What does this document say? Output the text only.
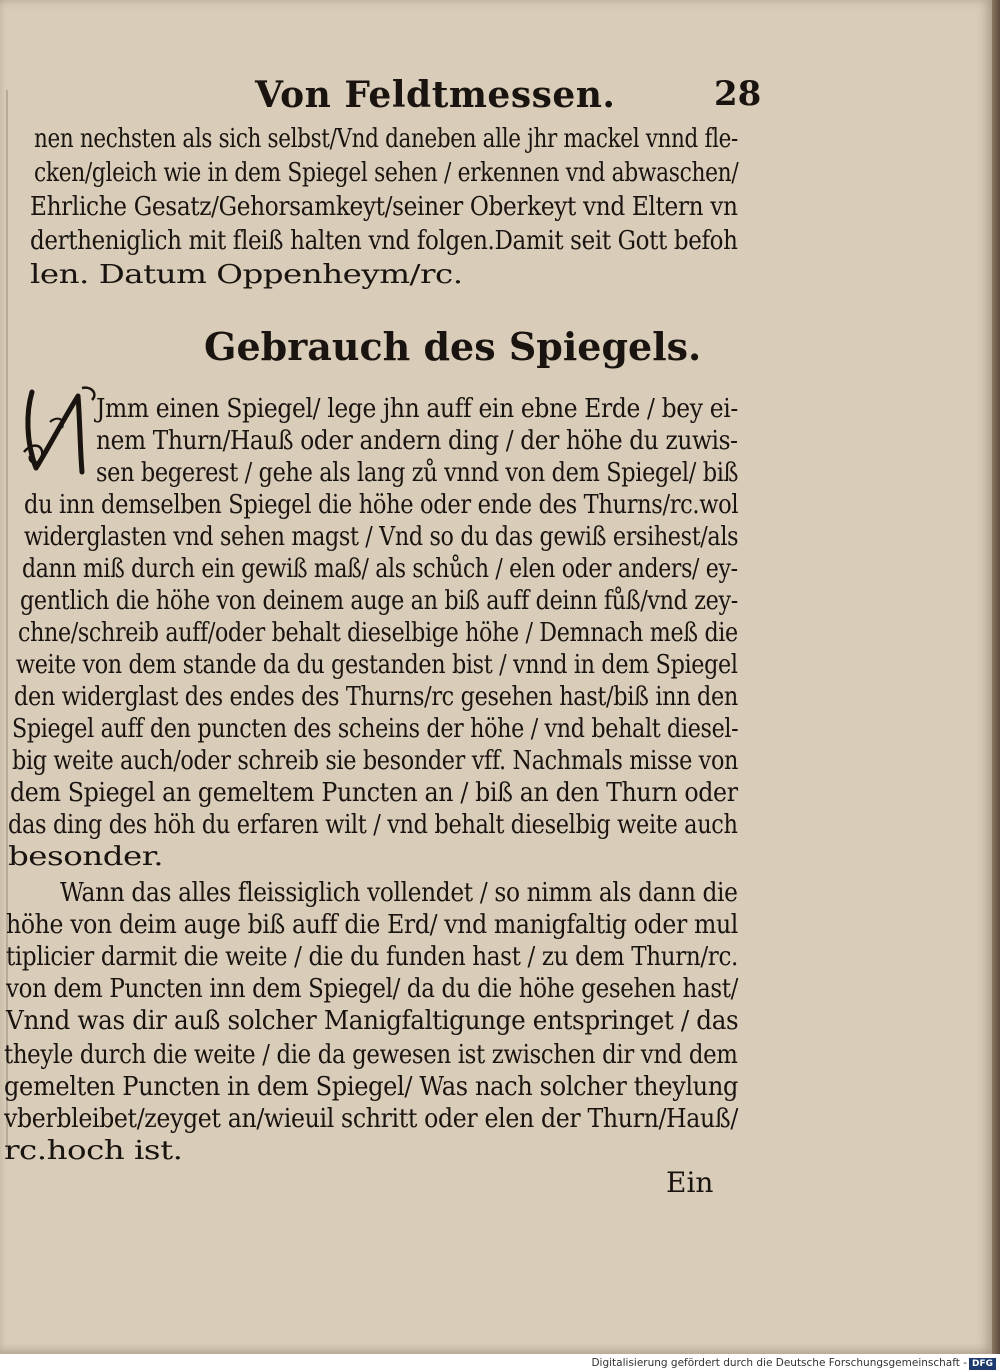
Von Feldtmessen.	28
nen nechsten als sich selbst/Vnd daneben alle jhr mackel vnnd fle-
cken/gleich wie in dem Spiegel sehen / erkennen vnd abwaschen/
Ehrliche Gesatz/Gehorsamkeyt/seiner Oberkeyt vnd Eltern vn
dertheniglich mit fleiß halten vnd folgen.Damit seit Gott befoh
len. Datum Oppenheym/rc.
Gebrauch des Spiegels.
Jmm einen Spiegel/ lege jhn auff ein ebne Erde / bey ei-
nem Thurn/Hauß oder andern ding / der höhe du zuwis-
sen begerest / gehe als lang zů vnnd von dem Spiegel/ biß
du inn demselben Spiegel die höhe oder ende des Thurns/rc.wol
widerglasten vnd sehen magst / Vnd so du das gewiß ersihest/als
dann miß durch ein gewiß maß/ als schůch / elen oder anders/ ey-
gentlich die höhe von deinem auge an biß auff deinn fůß/vnd zey-
chne/schreib auff/oder behalt dieselbige höhe / Demnach meß die
weite von dem stande da du gestanden bist / vnnd in dem Spiegel
den widerglast des endes des Thurns/rc gesehen hast/biß inn den
Spiegel auff den puncten des scheins der höhe / vnd behalt diesel-
big weite auch/oder schreib sie besonder vff. Nachmals misse von
dem Spiegel an gemeltem Puncten an / biß an den Thurn oder
das ding des höh du erfaren wilt / vnd behalt dieselbig weite auch
besonder.
Wann das alles fleissiglich vollendet / so nimm als dann die
höhe von deim auge biß auff die Erd/ vnd manigfaltig oder mul
tiplicier darmit die weite / die du funden hast / zu dem Thurn/rc.
von dem Puncten inn dem Spiegel/ da du die höhe gesehen hast/
Vnnd was dir auß solcher Manigfaltigunge entspringet / das
theyle durch die weite / die da gewesen ist zwischen dir vnd dem
gemelten Puncten in dem Spiegel/ Was nach solcher theylung
vberbleibet/zeyget an/wieuil schritt oder elen der Thurn/Hauß/
rc.hoch ist.
Ein
Digitalisierung gefördert durch die Deutsche Forschungsgemeinschaft - DFG
